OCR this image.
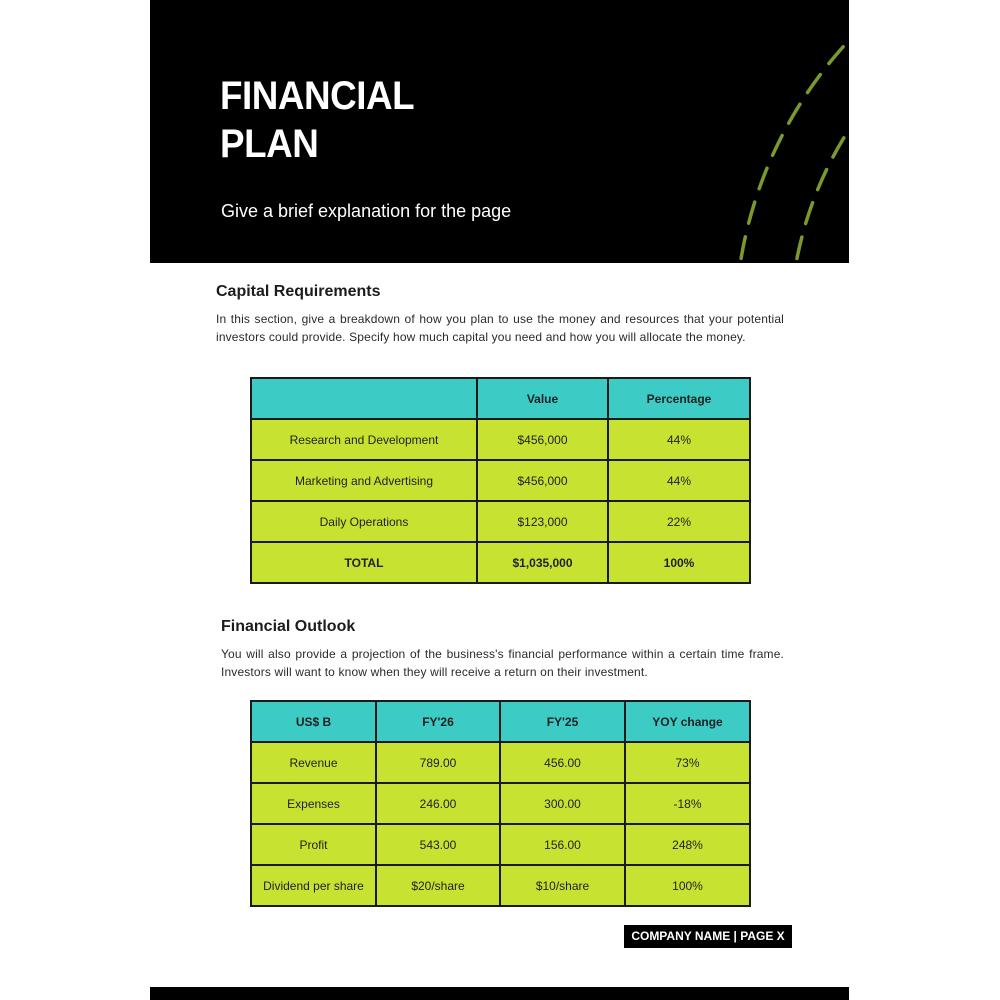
FINANCIAL
PLAN

Give a brief explanation for the page

Capital Requirements

In this section, give a breakdown of how you plan to use the money and resources that your potential investors could provide. Specify how much capital you need and how you will allocate the money.

	Value	Percentage
Research and Development	$456,000	44%
Marketing and Advertising	$456,000	44%
Daily Operations	$123,000	22%
TOTAL	$1,035,000	100%
Financial Outlook

You will also provide a projection of the business's financial performance within a certain time frame. Investors will want to know when they will receive a return on their investment.

US$ B	FY'26	FY'25	YOY change
Revenue	789.00	456.00	73%
Expenses	246.00	300.00	-18%
Profit	543.00	156.00	248%
Dividend per share	$20/share	$10/share	100%
COMPANY NAME | PAGE X
